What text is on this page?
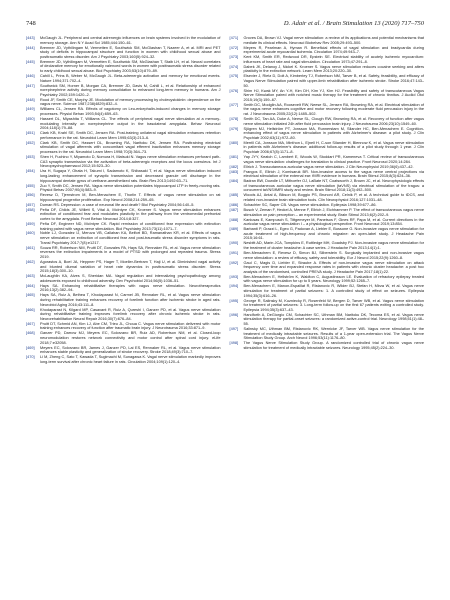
748	D. Adair et al. / Brain Stimulation 13 (2020) 717–750
[443]	McGaugh JL. Peripheral and central adrenergic influences on brain systems involved in the modulation of memory storage. Ann N Y Acad Sci 1985;444:150–61.
[444]	Bremner JD, Vythilingam M, Vermetten E, Southwick SM, McGlashan T, Nazeer A, et al. MRI and PET study of deficits in hippocampal structure and function in women with childhood sexual abuse and posttraumatic stress disorder. Am J Psychiatry 2003;160(5):924–32.
[445]	Bremner JD, Vythilingam M, Vermetten E, Southwick SM, McGlashan T, Staib LH, et al. Neural correlates of declarative memory for emotionally valenced words in women with posttraumatic stress disorder related to early childhood sexual abuse. Biol Psychiatry 2003;53(10):879–89.
[446]	Cahill L, Prins B, Weber M, McGaugh JL. Beta-adrenergic activation and memory for emotional events. Nature 1994;371:702–4.
[447]	Southwick SM, Horner B, Morgan CA, Bremner JD, Davis M, Cahill L, et al. Relationship of enhanced norepinephrine activity during memory consolidation to enhanced long-term memory in humans. Am J Psychiatry 2002;159:1420–2.
[448]	Rood JF, Smith CE, Murphy JE. Modulation of memory processing by cholecystokinin: dependence on the vagus nerve. Science 1987;238(4829):832–4.
[449]	Williams CL, Jensen RA. Effects of vagotomy on Leu-enkephalin-induced changes in memory storage processes. Physiol Behav 1993;54(4):659–63.
[450]	Hassert DL, Miyashita T, Williams CL. The effects of peripheral vagal nerve stimulation at a memory-modulating intensity on norepinephrine output in the basolateral amygdala. Behav Neurosci 2004;118(1):79–88.
[451]	Clark KB, Krahl SE, Smith DC, Jensen RA. Post-training unilateral vagal stimulation enhances retention performance in the rat. Neurobiol Learn Mem 1995;63(3):213–6.
[452]	Clark KB, Smith DC, Hassert DL, Browning RA, Naritoku DK, Jensen RA. Posttraining electrical stimulation of vagal afferents with concomitant vagal efferent inactivation enhances memory storage processes in the rat. Neurobiol Learn Mem 1998;70(3):364–73.
[453]	Shen H, Fuchino Y, Miyamoto D, Nomura H, Matsuki N. Vagus nerve stimulation enhances perforant path-CA3 synaptic transmission via the activation of beta-adrenergic receptors and the locus coeruleus. Int J Neuropsychopharmacol 2012;15:523–30.
[454]	Ura H, Sugaya Y, Ohata H, Takumi I, Sadamoto K, Shibasaki T, et al. Vagus nerve stimulation induced long-lasting enhancement of synaptic transmission and decreased granule cell discharge in the hippocampal dentate gyrus of urethane-anesthetized rats. Brain Res 2013;1492:63–71.
[455]	Zuo Y, Smith DC, Jensen RA. Vagus nerve stimulation potentiates hippocampal LTP in freely-moving rats. Physiol Behav 2007;90(4):583–9.
[456]	Revesz D, Tjernstrom M, Ben-Menachem E, Thorlin T. Effects of vagus nerve stimulation on rat hippocampal progenitor proliferation. Exp Neurol 2008;214:259–65.
[457]	Duman RS. Depression: a case of neuronal life and death? Biol Psychiatry 2004;56:140–5.
[458]	Peña DF, Childs JE, Willett S, Vital A, McIntyre CK, Kroener S. Vagus nerve stimulation enhances extinction of conditioned fear and modulates plasticity in the pathway from the ventromedial prefrontal cortex to the amygdala. Front Behav Neurosci 2014;8:327.
[459]	Peña DF, Engineer ND, McIntyre CK. Rapid remission of conditioned fear expression with extinction training paired with vagus nerve stimulation. Biol Psychiatry 2013;73(11):1071–7.
[460]	Noble LJ, Gonzalez IJ, Meruva VB, Callahan KA, Belfort BD, Ramanathan KR, et al. Effects of vagus nerve stimulation on extinction of conditioned fear and post-traumatic stress disorder symptoms in rats. Transl Psychiatry 2017;7(8):e1217.
[461]	Souza RR, Robertson NM, Pruitt DT, Gonzales PA, Hays SA, Rennaker RL, et al. Vagus nerve stimulation reverses the extinction impairments in a model of PTSD with prolonged and repeated trauma. Stress 2019.
[462]	Agorastos A, Boel JA, Heppner PS, Hager T, Moeller-Bertram T, Haji U, et al. Diminished vagal activity and blunted diurnal variation of heart rate dynamics in posttraumatic stress disorder. Stress 2015;18(3):300–10.
[463]	McLaughlin KA, Alves S, Sheridan MA. Vagal regulation and internalizing psychopathology among adolescents exposed to childhood adversity. Dev Psychobiol 2014;56(5):1036–51.
[464]	Hays SA. Enhancing rehabilitative therapies with vagus nerve stimulation. Neurotherapeutics 2016;13(2):382–94.
[465]	Hays SA, Ruiz A, Bethea T, Khodaparast N, Carmel JB, Rennaker RL, et al. Vagus nerve stimulation during rehabilitative training enhances recovery of forelimb function after ischemic stroke in aged rats. Neurobiol Aging 2016;43:111–8.
[466]	Khodaparast N, Kilgard MP, Casavant R, Ruiz A, Qureshi I, Ganzer PD, et al. Vagus nerve stimulation during rehabilitative training improves forelimb recovery after chronic ischemic stroke in rats. Neurorehabilitation Neural Repair 2016;30(7):676–84.
[467]	Pruitt DT, Schmid AN, Kim LJ, Abe CM, Trieu JL, Choua C. Vagus nerve stimulation delivered with motor training enhances recovery of function after traumatic brain injury. J Neurotrauma 2016;33:871–9.
[468]	Ganzer PD, Darrow MJ, Meyers EC, Solorzano BR, Ruiz AD, Robertson NM, et al. Closed-loop neuromodulation restores network connectivity and motor control after spinal cord injury. eLife 2018;7:e32058.
[469]	Meyers EC, Solorzano BR, James J, Ganzer PD, Lai ES, Rennaker RL, et al. Vagus nerve stimulation enhances stable plasticity and generalization of stroke recovery. Stroke 2018;49(3):710–7.
[470]	Li M, Zheng C, Sato T, Kawada T, Sugimachi M, Sunagawa K. Vagal nerve stimulation markedly improves long-term survival after chronic heart failure in rats. Circulation 2004;109(1):120–4.
[471]	Groves DA, Brown VJ. Vagal nerve stimulation: a review of its applications and potential mechanisms that mediate its clinical effects. Neurosci Biobehav Rev 2005;29:493–500.
[472]	Meyers R, Pearlman A, Hyman R. Beneficial effects of vagal stimulation and bradycardia during experimental acute myocardial ischemia. Circulation 1974;49:943–7.
[473]	Kent KM, Smith ER, Redwood DR, Epstein SE. Electrical stability of acutely ischemic myocardium: influences of heart rate and vagal stimulation. Circulation 1973;47:291–8.
[474]	Dabek JK, Delanoy J, Nickel K. Kroener S. Vagus nerve stimulation reduces cocaine seeking and alters plasticity in the extinction network. Learn Mem 2013;20:220–30.
[475]	Elsevier J, Rietz D, Dolt A, Kimberley TJ, Robertson NM, Tarver B, et al. Safety, feasibility, and efficacy of Vagus Nerve Stimulation paired with upper-limb rehabilitation after ischemic stroke. Stroke 2016;47:143–50.
[476]	Shim HJ, Kwak MY, An Y-H, Kim DH, Kim YJ, Kim HJ. Feasibility and safety of transcutaneous Vagus Nerve Stimulation paired with notched music therapy for the treatment of chronic tinnitus. J Audiol Otol 2015;19(3):159–67.
[477]	Smith DC, Modglin AA, Roosevelt RW, Neese SL, Jensen RA, Browning RA, et al. Electrical stimulation of the vagus nerve enhances cognitive and motor recovery following moderate fluid percussion injury in the rat. J Neurotrauma 2005;22(12):1485–502.
[478]	Smith DC, Tan AA, Duke A, Neese SL, Clough RW, Browning RA, et al. Recovery of function after vagus nerve stimulation initiated 24h after fluid percussion brain injury. J Neurotrauma 2006;23(10):1549–60.
[479]	Sjögren MJ, Hellström PT, Jonsson MA, Runnerstam M, Silander HC, Ben-Menachem E. Cognition-enhancing effect of vagus nerve stimulation in patients with Alzheimer's disease: a pilot study. J Clin Psychiatr 2002;63(11):972–80.
[480]	Merrill CA, Jonsson MA, Minthon L, Ejnell H, C-son Silander H, Blennow K, et al. Vagus nerve stimulation in patients with Alzheimer's disease: additional follow-up results of a pilot study through 1 year. J Clin Psychiatr 2006;67(8):1171–8.
[481]	Yap JYY, Keatch C, Lambert E, Woods W, Stoddart PR, Kameneva T. Critical review of transcutaneous vagus nerve stimulation: challenges for translation to clinical practice. Front Neurosci 2020;14:284.
[482]	Ellrich J. Transcutaneous auricular vagus nerve stimulation. J Clin Neurophysiol 2019;36(6):437–42.
[483]	Frangos E, Ellrich J, Komisaruk BR. Non-invasive access to the vagus nerve central projections via electrical stimulation of the external ear: fMRI evidence in humans. Brain Stimul 2015;8(3):624–36.
[484]	Badran BW, Dowdle LT, Mithoefer OJ, LaBate NT, Coatsworth J, Brown JC, et al. Neurophysiologic effects of transcutaneous auricular vagus nerve stimulation (taVNS) via electrical stimulation of the tragus: a concurrent taVNS/fMRI study and review. Brain Stimul 2018;11(3):492–500.
[485]	Woods AJ, Antal A, Bikson M, Boggio PS, Brunoni AR, Celnik P, et al. A technical guide to tDCS, and related non-invasive brain stimulation tools. Clin Neurophysiol 2016;127:1031–48.
[486]	Schachter SC, Saper CB. Vagus nerve stimulation. Epilepsia 1998;39:677–86.
[487]	Busch V, Zeman F, Heckel A, Menne F, Ellrich J, Eichhammer P. The effect of transcutaneous vagus nerve stimulation on pain perception – an experimental study. Brain Stimul 2013;6(2):202–9.
[488]	Kaniusas E, Kampusch S, Tittgemeyer M, Panetsos F, Gines RF, Papa M, et al. Current directions in the auricular vagus nerve stimulation I – a physiological perspective. Front Neurosci 2019;13:854.
[489]	Barbanti P, Grazzi L, Egeo G, Padovan A, Liebler E, Bussone G. Non-invasive vagus nerve stimulation for acute treatment of high-frequency and chronic migraine: an open-label study. J Headache Pain 2015;16:61.
[490]	Nesbitt AD, Marin JCA, Tompkins E, Ruttledge MH, Goadsby PJ. Non-invasive vagus nerve stimulation for the treatment of cluster headache: A case series. J Headache Pain 2013;14(1):1.
[491]	Ben-Menachem E, Revesz D, Simon BJ, Silberstein S. Surgically implanted and non-invasive vagus nerve stimulation: a review of efficacy, safety and tolerability. Eur J Neurol 2015;22(9):1260–8.
[492]	Gaul C, Magis D, Liebler E, Straube A. Effects of non-invasive vagus nerve stimulation on attack frequency over time and expanded response rates in patients with chronic cluster headache: a post hoc analysis of the randomised, controlled PREVA study. J Headache Pain 2017;18(1):22.
[493]	Ben-Menachem E, Hellström K, Waldton C, Augustinsson LE. Evaluation of refractory epilepsy treated with vagus nerve stimulation for up to 5 years. Neurology 1999;52:1265–7.
[494]	Ben-Menachem E, Manon-Espaillat R, Ristanovic R, Wilder BJ, Stefan H, Mirza W, et al. Vagus nerve stimulation for treatment of partial seizures: 1. A controlled study of effect on seizures. Epilepsia 1994;35(3):616–26.
[495]	George R, Salinsky M, Kuzniecky R, Rosenfeld W, Bergen D, Tarver WB, et al. Vagus nerve stimulation for treatment of partial seizures: 3. Long-term follow-up on the first 67 patients exiting a controlled study. Epilepsia 1994;35(3):637–43.
[496]	Handforth A, DeGiorgio CM, Schachter SC, Uthman BM, Naritoku DK, Tecoma ES, et al. Vagus nerve stimulation therapy for partial-onset seizures: a randomized active-control trial. Neurology 1998;51(1):48–55.
[497]	Salinsky MC, Uthman BM, Ristanovic RK, Wernicke JF, Tarver WB. Vagus nerve stimulation for the treatment of medically intractable seizures. Results of a 1-year open-extension trial. The Vagus Nerve Stimulation Study Group. Arch Neurol 1996;53(11):1176–80.
[498]	The Vagus Nerve Stimulation Study Group. A randomized controlled trial of chronic vagus nerve stimulation for treatment of medically intractable seizures. Neurology 1995;45(2):224–30.
